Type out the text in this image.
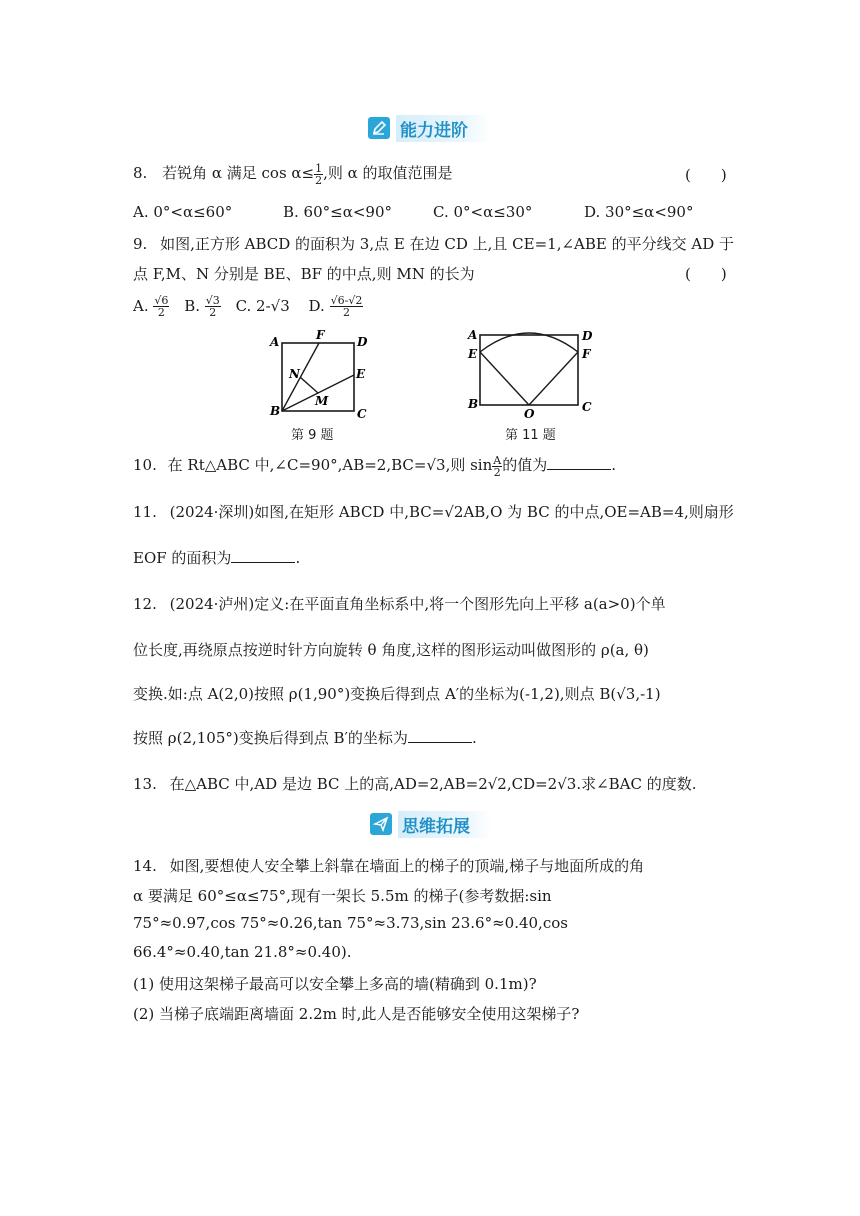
能力进阶
8. 若锐角 α 满足 $\cos \alpha\le \frac{1}{2}$ ,则 α 的取值范围是	(　　)
A. 0°<α≤60°	B. 60°≤α<90°	C. 0°<α≤30°	D. 30°≤α<90°
9. 如图,正方形 ABCD 的面积为 3,点 E 在边 CD 上,且 CE=1,∠ABE 的平分线交 AD 于
点 F,M、N 分别是 BE、BF 的中点,则 MN 的长为	(　　)
A. $\frac{√6}{2} B$. $\frac{√3}{2} C$. 2-√3 D. $\frac{√6-√2}{2}$
A	F	D
N	E
M
B	C
第 9 题
A	D
E	F
B
O	C
第 11 题
10. 在 Rt△ABC 中,∠C=90°,AB=2,BC=√3,则 $\sin \frac{A}{2}$ 的值为	.
11. (2024·深圳)如图,在矩形 ABCD 中,BC=√2AB,O 为 BC 的中点,OE=AB=4,则扇形
EOF 的面积为	.
12. (2024·泸州)定义:在平面直角坐标系中,将一个图形先向上平移 a(a>0)个单
位长度,再绕原点按逆时针方向旋转 θ 角度,这样的图形运动叫做图形的 ρ(a, θ)
变换.如:点 A(2,0)按照 ρ(1,90°)变换后得到点 A′的坐标为(-1,2),则点 B(√3,-1)
按照 ρ(2,105°)变换后得到点 B′的坐标为	.
13. 在△ABC 中,AD 是边 BC 上的高,AD=2,AB=2√2,CD=2√3.求∠BAC 的度数.
思维拓展
14. 如图,要想使人安全攀上斜靠在墙面上的梯子的顶端,梯子与地面所成的角
α 要满足 60°≤α≤75°,现有一架长 5.5m 的梯子(参考数据:sin
75°≈0.97,cos 75°≈0.26,tan 75°≈3.73,sin 23.6°≈0.40,cos
66.4°≈0.40,tan 21.8°≈0.40).
(1) 使用这架梯子最高可以安全攀上多高的墙(精确到 0.1m)?
(2) 当梯子底端距离墙面 2.2m 时,此人是否能够安全使用这架梯子?
